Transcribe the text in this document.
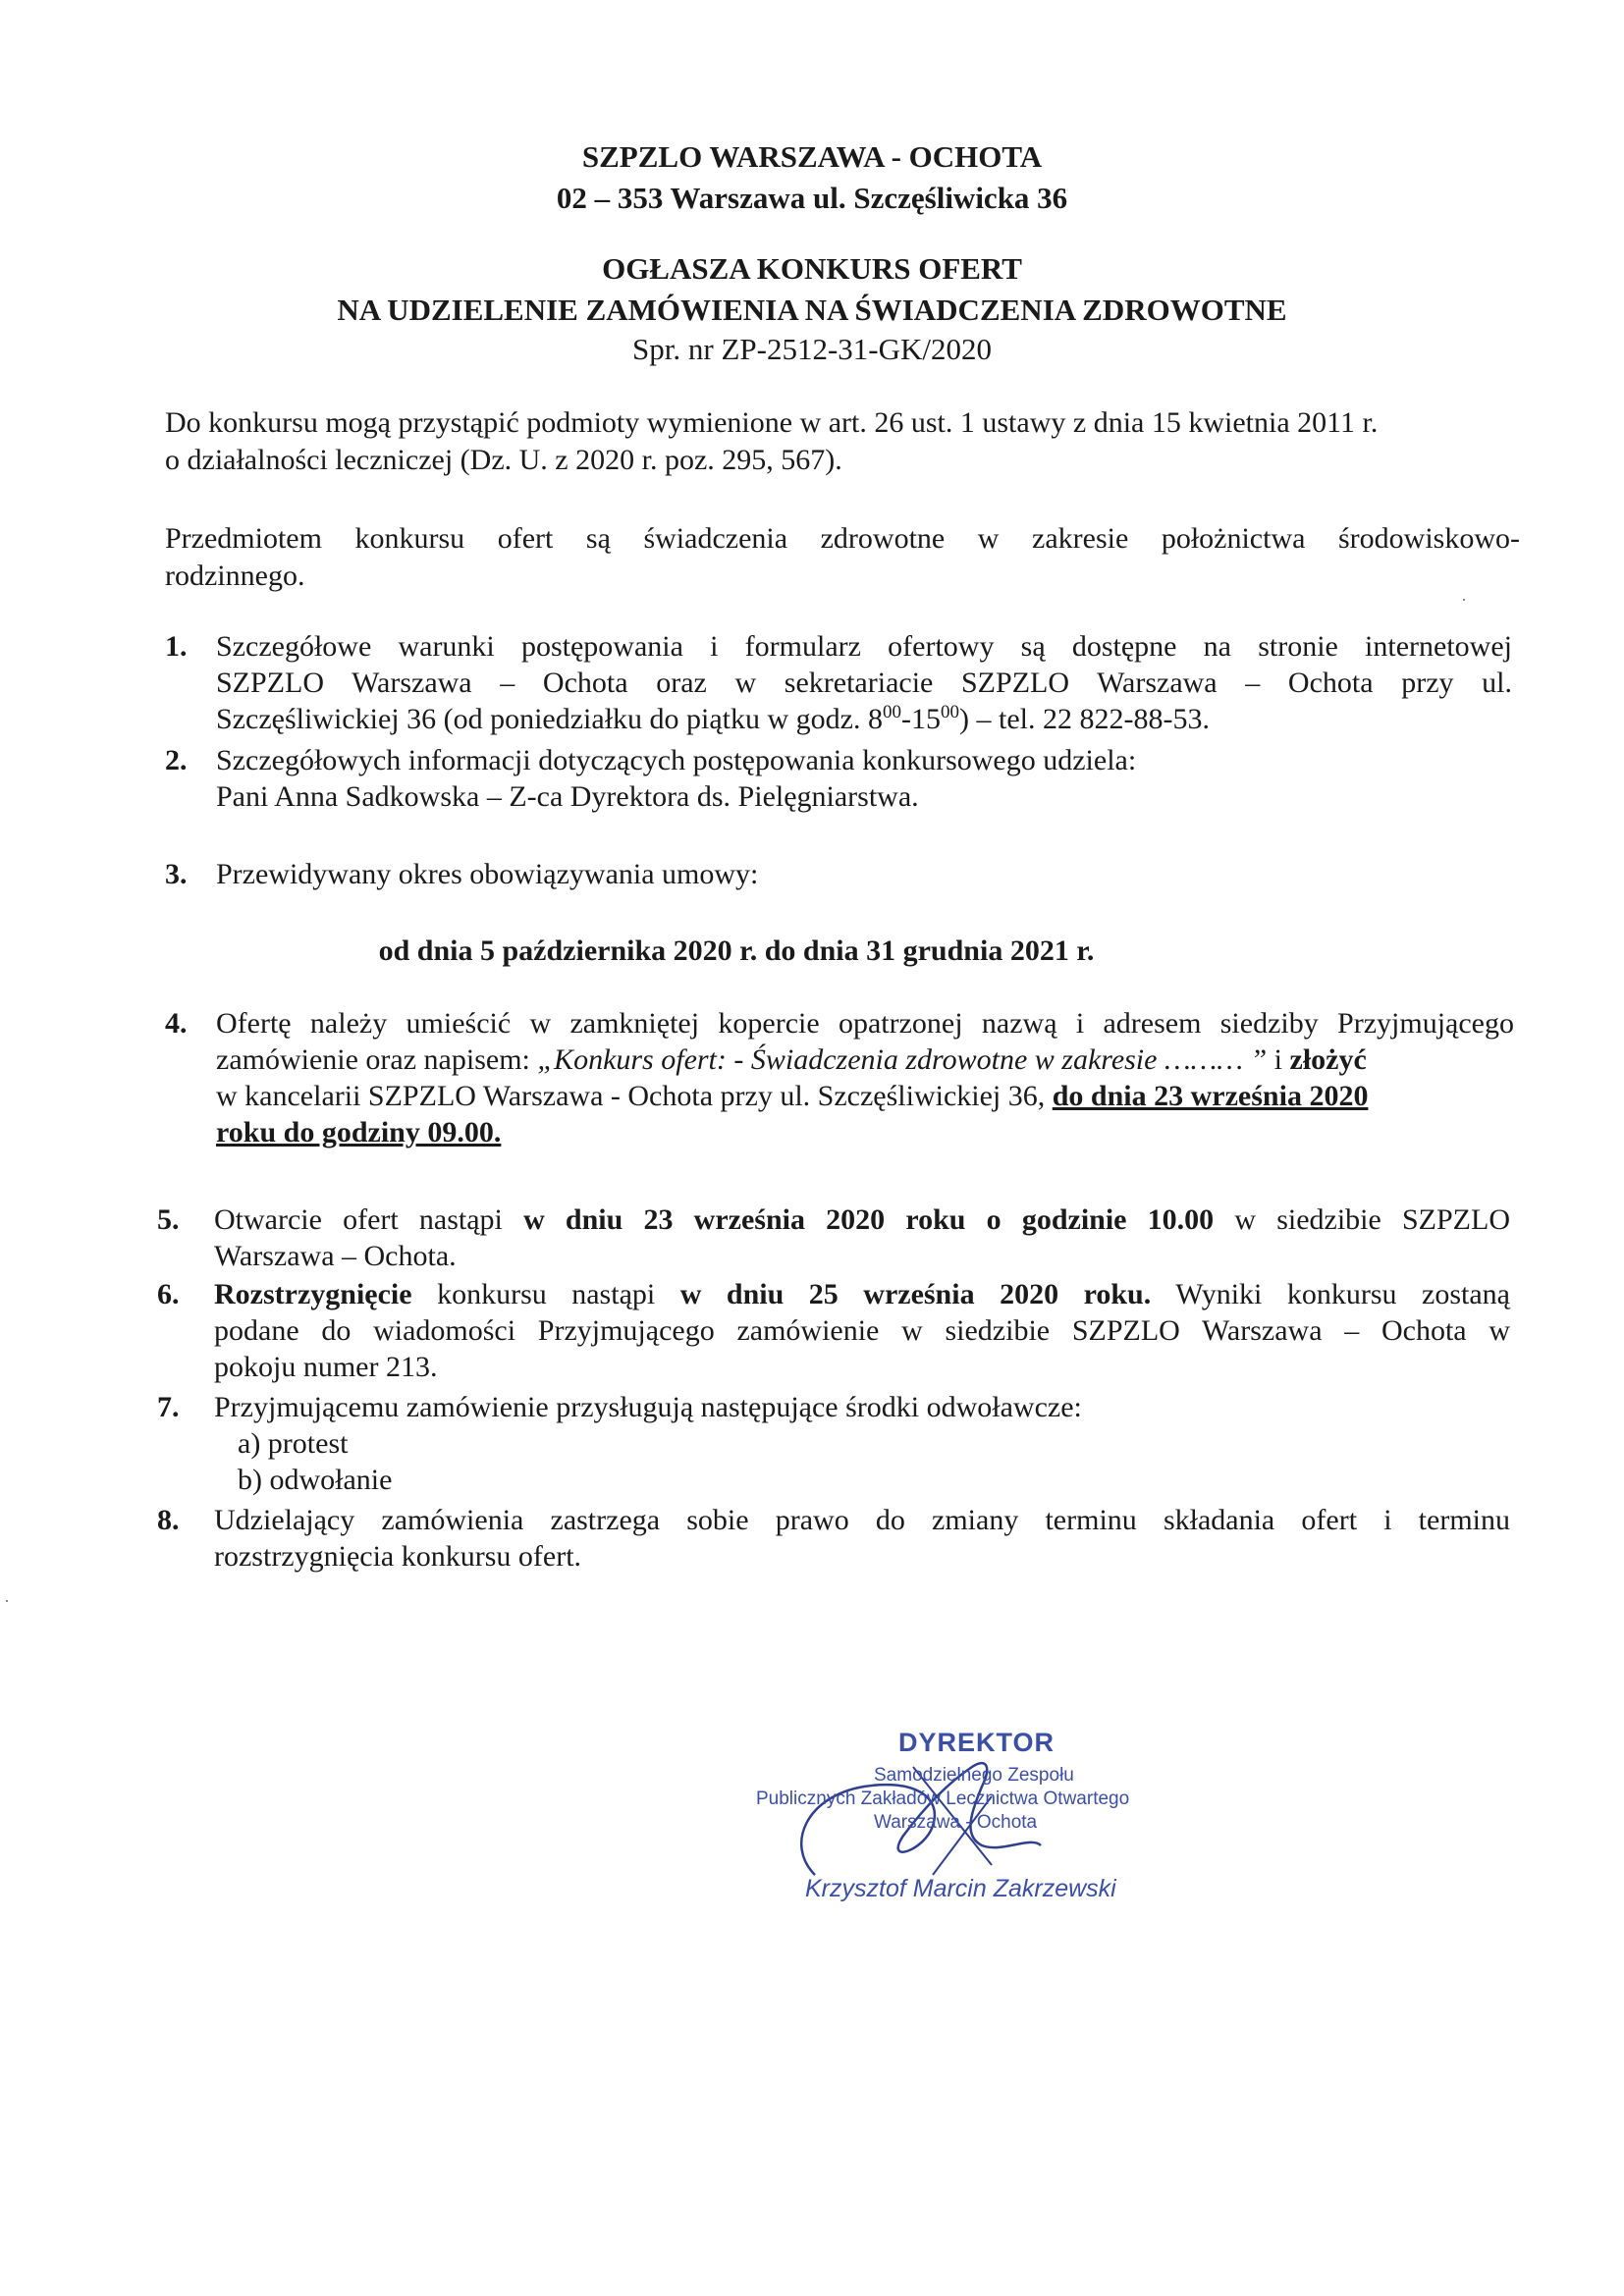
SZPZLO WARSZAWA - OCHOTA
02 – 353 Warszawa ul. Szczęśliwicka 36
OGŁASZA KONKURS OFERT
NA UDZIELENIE ZAMÓWIENIA NA ŚWIADCZENIA ZDROWOTNE
Spr. nr ZP-2512-31-GK/2020
Do konkursu mogą przystąpić podmioty wymienione w art. 26 ust. 1 ustawy z dnia 15 kwietnia 2011 r.
o działalności leczniczej (Dz. U. z 2020 r. poz. 295, 567).
Przedmiotem konkursu ofert są świadczenia zdrowotne w zakresie położnictwa środowiskowo-
rodzinnego.
1. Szczegółowe warunki postępowania i formularz ofertowy są dostępne na stronie internetowej
SZPZLO Warszawa – Ochota oraz w sekretariacie SZPZLO Warszawa – Ochota przy ul.
Szczęśliwickiej 36 (od poniedziałku do piątku w godz. $8^{00}-15^{00}$) – tel. 22 822-88-53.
2. Szczegółowych informacji dotyczących postępowania konkursowego udziela:
Pani Anna Sadkowska – Z-ca Dyrektora ds. Pielęgniarstwa.
3. Przewidywany okres obowiązywania umowy:
od dnia 5 października 2020 r. do dnia 31 grudnia 2021 r.
4. Ofertę należy umieścić w zamkniętej kopercie opatrzonej nazwą i adresem siedziby Przyjmującego
zamówienie oraz napisem: „Konkurs ofert: - Świadczenia zdrowotne w zakresie ……… ” i złożyć
w kancelarii SZPZLO Warszawa - Ochota przy ul. Szczęśliwickiej 36, do dnia 23 września 2020
roku do godziny 09.00.
5. Otwarcie ofert nastąpi w dniu 23 września 2020 roku o godzinie 10.00 w siedzibie SZPZLO
Warszawa – Ochota.
6. Rozstrzygnięcie konkursu nastąpi w dniu 25 września 2020 roku. Wyniki konkursu zostaną
podane do wiadomości Przyjmującego zamówienie w siedzibie SZPZLO Warszawa – Ochota w
pokoju numer 213.
7. Przyjmującemu zamówienie przysługują następujące środki odwoławcze:
a) protest
b) odwołanie
8. Udzielający zamówienia zastrzega sobie prawo do zmiany terminu składania ofert i terminu
rozstrzygnięcia konkursu ofert.
DYREKTOR
Samodzielnego Zespołu
Publicznych Zakładów Lecznictwa Otwartego
Warszawa - Ochota
Krzysztof Marcin Zakrzewski
